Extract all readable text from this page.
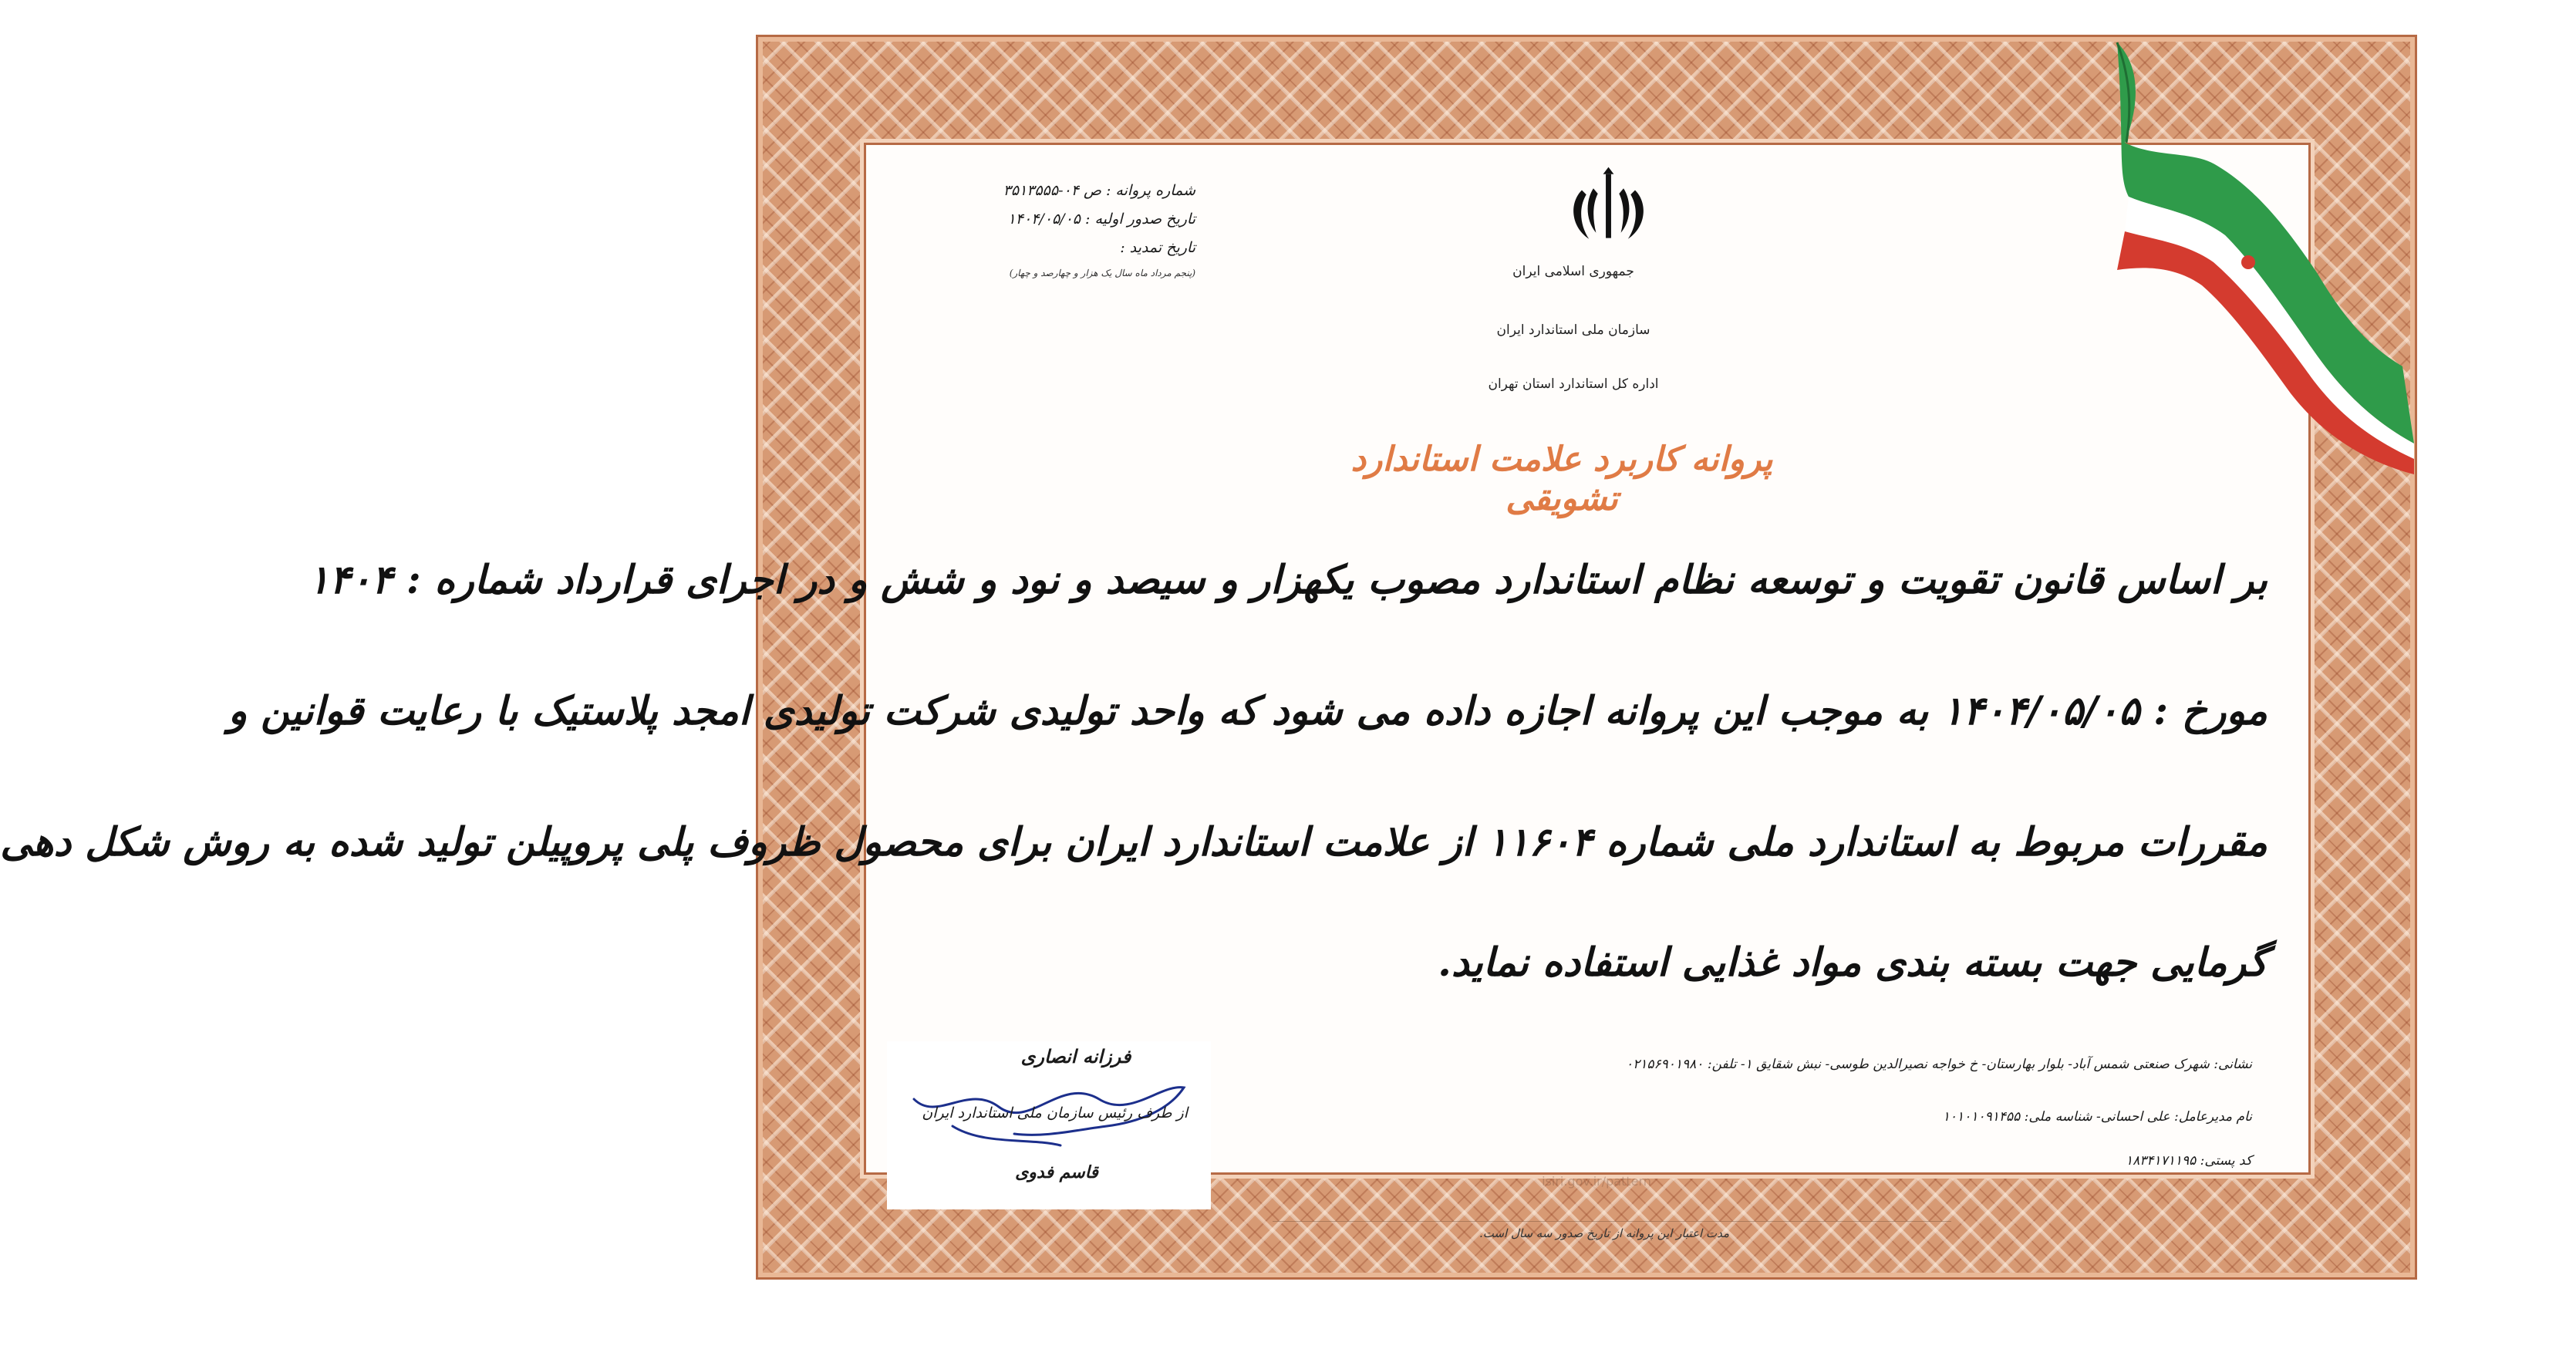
جمهوری اسلامی ایران
سازمان ملی استاندارد ایران
اداره کل استاندارد استان تهران
پروانه کاربرد علامت استاندارد تشویقی
شماره پروانه : ص ۰۴-۳۵۱۳۵۵۵
تاریخ صدور اولیه : ۱۴۰۴/۰۵/۰۵
تاریخ تمدید :
(پنجم مرداد ماه سال یک هزار و چهارصد و چهار)
بر اساس قانون تقویت و توسعه نظام استاندارد مصوب یکهزار و سیصد و نود و شش و در اجرای قرارداد شماره : ۱۴۰۴
مورخ : ۱۴۰۴/۰۵/۰۵ به موجب این پروانه اجازه داده می شود که واحد تولیدی شرکت تولیدی امجد پلاستیک با رعایت قوانین و
مقررات مربوط به استاندارد ملی شماره ۱۱۶۰۴ از علامت استاندارد ایران برای محصول ظروف پلی پروپیلن تولید شده به روش شکل دهی
گرمایی جهت بسته بندی مواد غذایی استفاده نماید.
نشانی: شهرک صنعتی شمس آباد- بلوار بهارستان- خ خواجه نصیرالدین طوسی- نبش شقایق ۱- تلفن: ۰۲۱۵۶۹۰۱۹۸۰
نام مدیرعامل: علی احسانی- شناسه ملی: ۱۰۱۰۱۰۹۱۴۵۵
کد پستی: ۱۸۳۴۱۷۱۱۹۵
فرزانه انصاری
از طرف رئیس سازمان ملی استاندارد ایران
قاسم فدوی	isiri.gov.ir/pattern
مدت اعتبار این پروانه از تاریخ صدور سه سال است.
